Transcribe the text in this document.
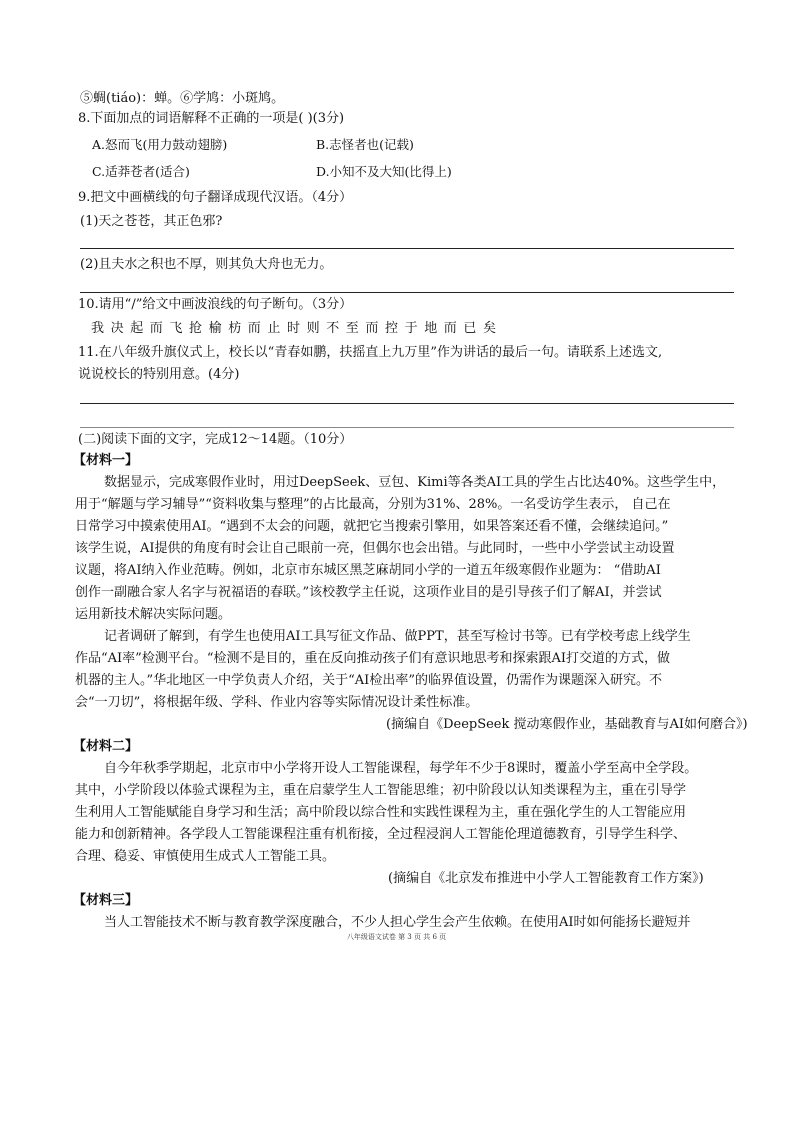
⑤蜩(tiáo)：蝉。⑥学鸠：小斑鸠。
8.下面加点的词语解释不正确的一项是( )(3分)
A.怒而飞(用力鼓动翅膀)	B.志怪者也(记载)
C.适莽苍者(适合)	D.小知不及大知(比得上)
9.把文中画横线的句子翻译成现代汉语。（4分）
(1)天之苍苍，其正色邪?
(2)且夫水之积也不厚，则其负大舟也无力。
10.请用“/”给文中画波浪线的句子断句。（3分）
我决起而飞抢榆枋而止时则不至而控于地而已矣
11.在八年级升旗仪式上，校长以“青春如鹏，扶摇直上九万里”作为讲话的最后一句。请联系上述选文,
说说校长的特别用意。(4分)
(二)阅读下面的文字，完成12～14题。（10分）
【材料一】
数据显示，完成寒假作业时，用过DeepSeek、豆包、Kimi等各类AI工具的学生占比达40%。这些学生中，
用于“解题与学习辅导”“资料收集与整理”的占比最高，分别为31%、28%。一名受访学生表示， 自己在
日常学习中摸索使用AI。“遇到不太会的问题，就把它当搜索引擎用，如果答案还看不懂，会继续追问。”
该学生说，AI提供的角度有时会让自己眼前一亮，但偶尔也会出错。与此同时，一些中小学尝试主动设置
议题，将AI纳入作业范畴。例如，北京市东城区黑芝麻胡同小学的一道五年级寒假作业题为： “借助AI
创作一副融合家人名字与祝福语的春联。”该校教学主任说，这项作业目的是引导孩子们了解AI，并尝试
运用新技术解决实际问题。
记者调研了解到，有学生也使用AI工具写征文作品、做PPT，甚至写检讨书等。已有学校考虑上线学生
作品“AI率”检测平台。“检测不是目的，重在反向推动孩子们有意识地思考和探索跟AI打交道的方式，做
机器的主人。”华北地区一中学负责人介绍，关于“AI检出率”的临界值设置，仍需作为课题深入研究。不
会“一刀切”，将根据年级、学科、作业内容等实际情况设计柔性标准。
(摘编自《DeepSeek 搅动寒假作业，基础教育与AI如何磨合》)
【材料二】
自今年秋季学期起，北京市中小学将开设人工智能课程，每学年不少于8课时，覆盖小学至高中全学段。
其中，小学阶段以体验式课程为主，重在启蒙学生人工智能思维；初中阶段以认知类课程为主，重在引导学
生利用人工智能赋能自身学习和生活；高中阶段以综合性和实践性课程为主，重在强化学生的人工智能应用
能力和创新精神。各学段人工智能课程注重有机衔接，全过程浸润人工智能伦理道德教育，引导学生科学、
合理、稳妥、审慎使用生成式人工智能工具。
(摘编自《北京发布推进中小学人工智能教育工作方案》)
【材料三】
当人工智能技术不断与教育教学深度融合，不少人担心学生会产生依赖。在使用AI时如何能扬长避短并
八年级语文试卷 第 3 页 共 6 页
